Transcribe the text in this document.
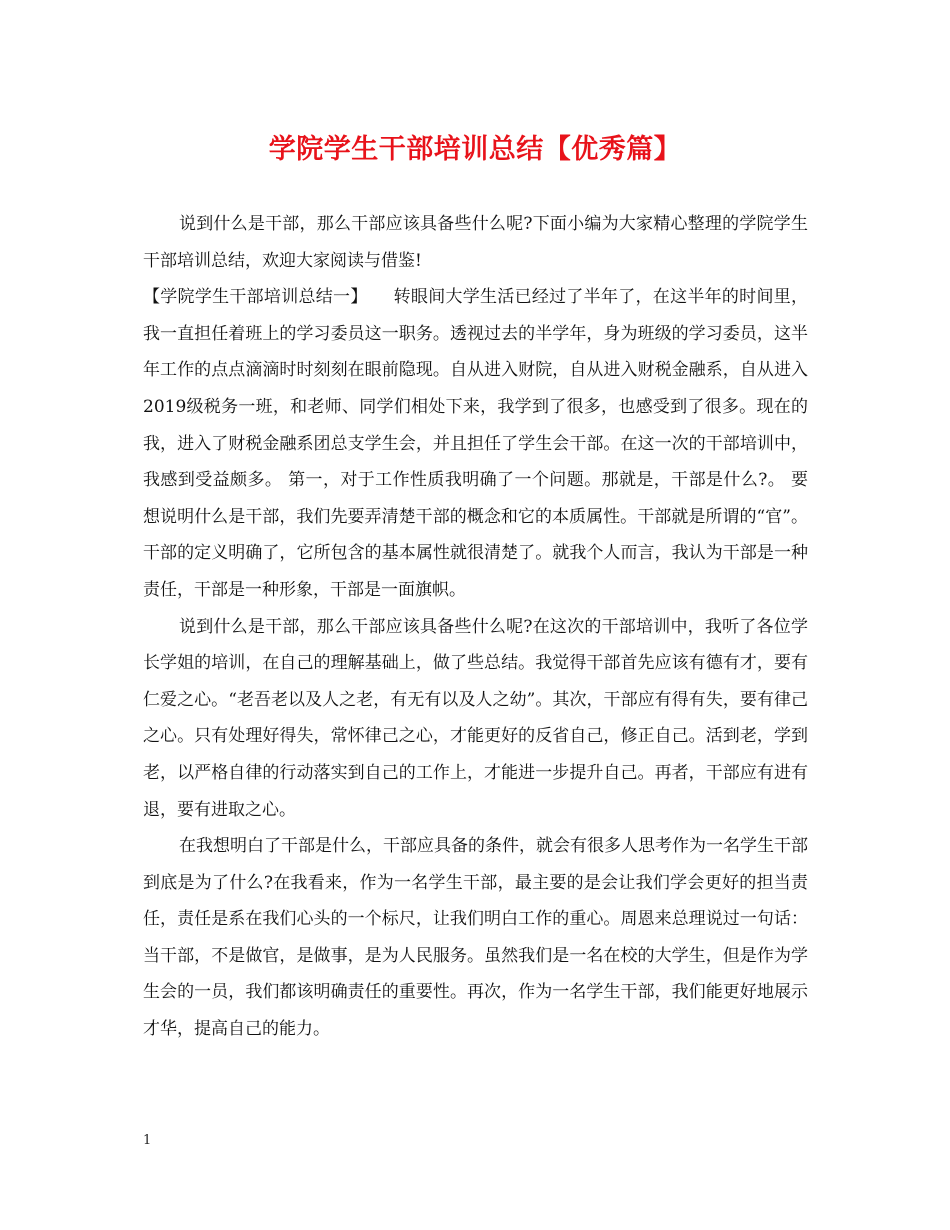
学院学生干部培训总结【优秀篇】

说到什么是干部，那么干部应该具备些什么呢?下面小编为大家精心整理的学院学生干部培训总结，欢迎大家阅读与借鉴!

【学院学生干部培训总结一】　　转眼间大学生活已经过了半年了，在这半年的时间里，我一直担任着班上的学习委员这一职务。透视过去的半学年，身为班级的学习委员，这半年工作的点点滴滴时时刻刻在眼前隐现。自从进入财院，自从进入财税金融系，自从进入2019级税务一班，和老师、同学们相处下来，我学到了很多，也感受到了很多。现在的我，进入了财税金融系团总支学生会，并且担任了学生会干部。在这一次的干部培训中，我感到受益颇多。 第一，对于工作性质我明确了一个问题。那就是，干部是什么?。 要想说明什么是干部，我们先要弄清楚干部的概念和它的本质属性。干部就是所谓的“官”。干部的定义明确了，它所包含的基本属性就很清楚了。就我个人而言，我认为干部是一种责任，干部是一种形象，干部是一面旗帜。

说到什么是干部，那么干部应该具备些什么呢?在这次的干部培训中，我听了各位学长学姐的培训，在自己的理解基础上，做了些总结。我觉得干部首先应该有德有才，要有仁爱之心。“老吾老以及人之老，有无有以及人之幼”。其次，干部应有得有失，要有律己之心。只有处理好得失，常怀律己之心，才能更好的反省自己，修正自己。活到老，学到老，以严格自律的行动落实到自己的工作上，才能进一步提升自己。再者，干部应有进有退，要有进取之心。

在我想明白了干部是什么，干部应具备的条件，就会有很多人思考作为一名学生干部到底是为了什么?在我看来，作为一名学生干部，最主要的是会让我们学会更好的担当责任，责任是系在我们心头的一个标尺，让我们明白工作的重心。周恩来总理说过一句话：当干部，不是做官，是做事，是为人民服务。虽然我们是一名在校的大学生，但是作为学生会的一员，我们都该明确责任的重要性。再次，作为一名学生干部，我们能更好地展示才华，提高自己的能力。

1
